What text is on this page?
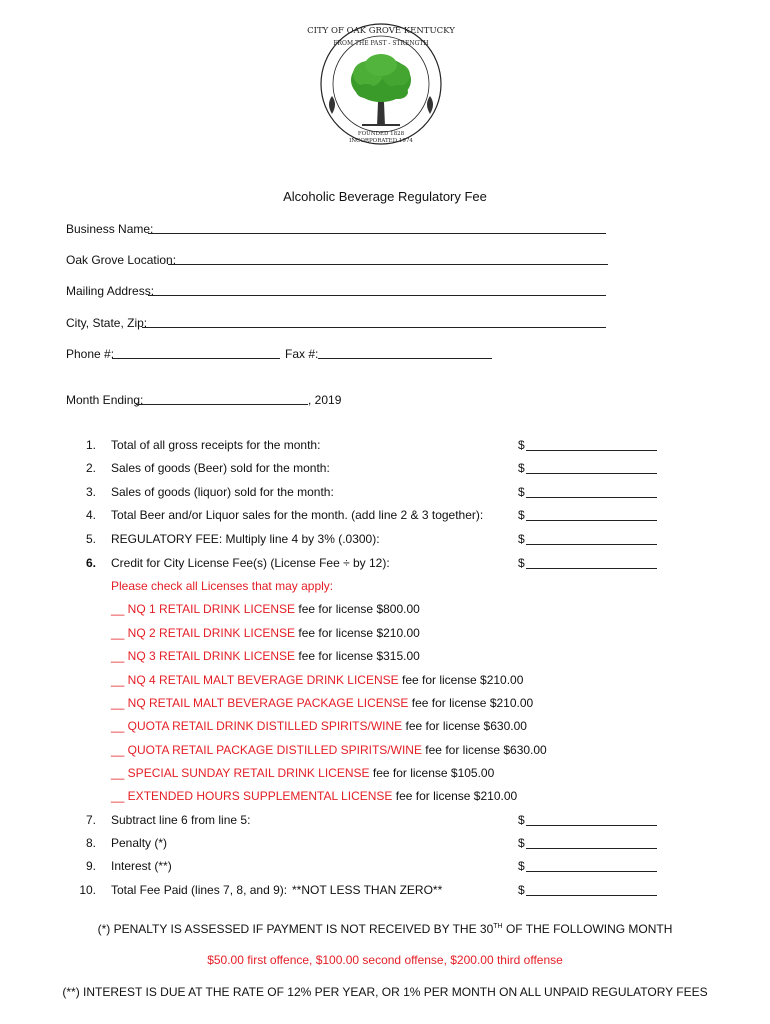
CITY OF OAK GROVE KENTUCKY
FROM THE PAST - STRENGTH
FOUNDED 1828
INCORPORATED 1974
Alcoholic Beverage Regulatory Fee
Business Name:
Oak Grove Location:
Mailing Address:
City, State, Zip:
Phone #:	Fax #:
Month Ending:	, 2019
1. Total of all gross receipts for the month:	$
2. Sales of goods (Beer) sold for the month:	$
3. Sales of goods (liquor) sold for the month:	$
4. Total Beer and/or Liquor sales for the month. (add line 2 & 3 together):	$
5. REGULATORY FEE: Multiply line 4 by 3% (.0300):	$
6. Credit for City License Fee(s) (License Fee ÷ by 12):	$
Please check all Licenses that may apply:
__ NQ 1 RETAIL DRINK LICENSE fee for license $800.00
__ NQ 2 RETAIL DRINK LICENSE fee for license $210.00
__ NQ 3 RETAIL DRINK LICENSE fee for license $315.00
__ NQ 4 RETAIL MALT BEVERAGE DRINK LICENSE fee for license $210.00
__ NQ RETAIL MALT BEVERAGE PACKAGE LICENSE fee for license $210.00
__ QUOTA RETAIL DRINK DISTILLED SPIRITS/WINE fee for license $630.00
__ QUOTA RETAIL PACKAGE DISTILLED SPIRITS/WINE fee for license $630.00
__ SPECIAL SUNDAY RETAIL DRINK LICENSE fee for license $105.00
__ EXTENDED HOURS SUPPLEMENTAL LICENSE fee for license $210.00
7. Subtract line 6 from line 5:	$
8. Penalty (*)	$
9. Interest (**)	$
10. Total Fee Paid (lines 7, 8, and 9): **NOT LESS THAN ZERO**	$
(*) PENALTY IS ASSESSED IF PAYMENT IS NOT RECEIVED BY THE 30TH OF THE FOLLOWING MONTH
$50.00 first offence, $100.00 second offense, $200.00 third offense
(**) INTEREST IS DUE AT THE RATE OF 12% PER YEAR, OR 1% PER MONTH ON ALL UNPAID REGULATORY FEES
